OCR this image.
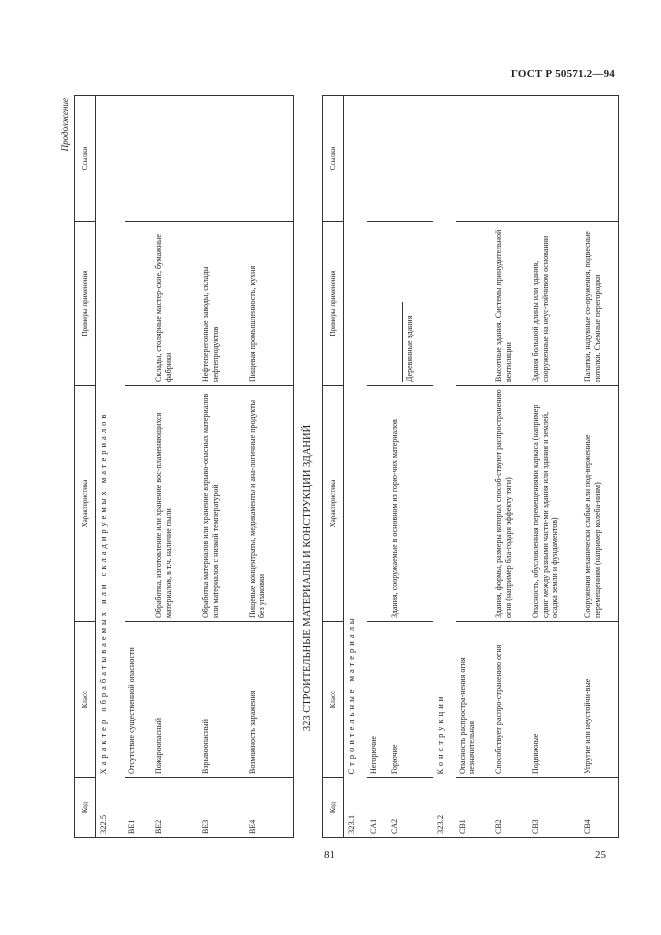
ГОСТ Р 50571.2—94
Продолжение
Код	Класс	Характеристика	Примеры применения	Ссылки
322.5	Характер обрабатываемых или складируемых материалов			
BE1	Отсутствие существенной опасности			
BE2	Пожароопасный	Обработка, изготовление или хранение вос-пламеняющихся материалов, в т.ч. наличие пыли	Склады, столярные мастер-ские, бумажные фабрики	
BE3	Взрывоопасный	Обработка материалов или хранение взрыво-опасных материалов или материалов с низкой температурой	Нефтеперегонные заводы, склады нефтепродуктов	
BE4	Возможность заражения	Пищевые концентраты, медикаменты и ана-логичные продукты без упаковки	Пищевая промышленность, кухня	
323 СТРОИТЕЛЬНЫЕ МАТЕРИАЛЫ И КОНСТРУКЦИИ ЗДАНИЙ
Код	Класс	Характеристика	Примеры применения	Ссылки
323.1	Строительные материалы			
CA1	Негорючие			
CA2	Горючие	Здания, сооружаемые в основном из горю-чих материалов	Деревянные здания	
323.2	Конструкции			
CB1	Опасность распростра-нения огня незначительная			
CB2	Способствует распро-странению огня	Здания, формы, размеры которых способ-ствуют распространению огня (например бла-годаря эффекту тяги)	Высотные здания. Системы принудительной вентиляции	
CB3	Подвижные	Опасность, обусловленная перемещениями каркаса (например сдвиг между разными части-ми здания или здания и землей, осадка земли и фундаментов)	Здания большой длины или здания, сооруженные на неус-тойчивом основании	
CB4	Упругие или неустойчи-вые	Сооружения механически слабые или под-верженные перемещениям (например колеба-ниям)	Палатки, надувные со-оружения, подвесные потолки. Съемные перегородки	
81	25
